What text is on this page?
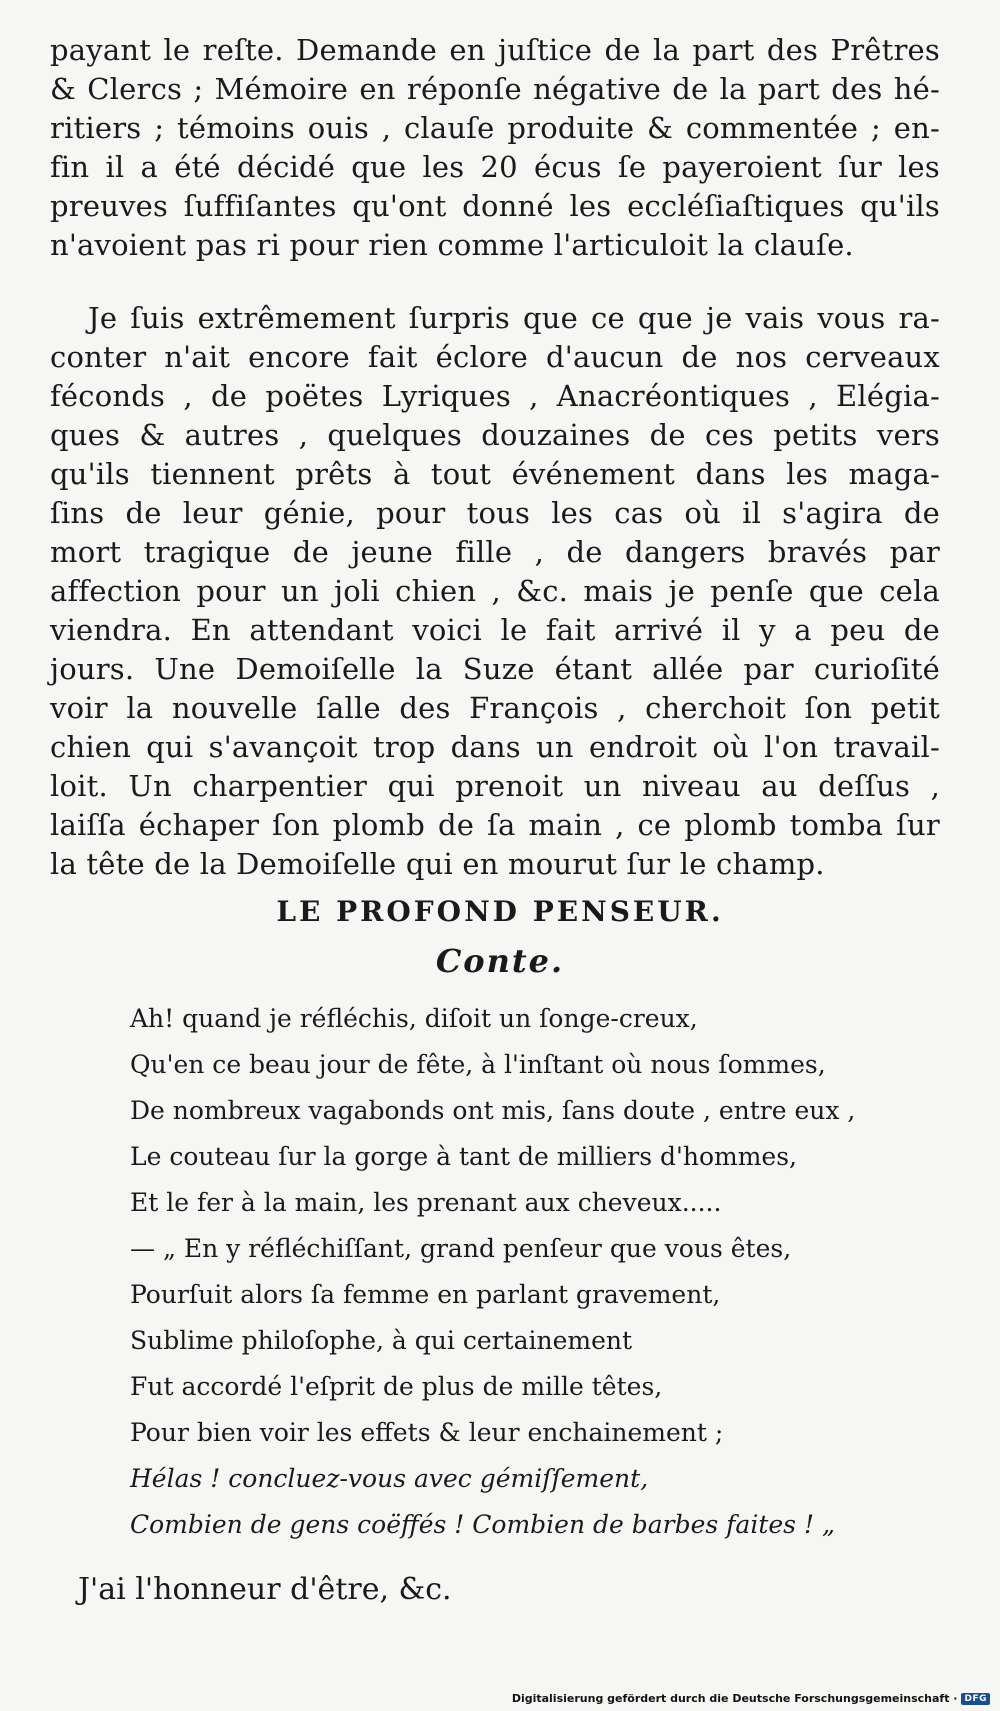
payant le reſte. Demande en juſtice de la part des Prêtres
& Clercs ; Mémoire en réponſe négative de la part des hé-
ritiers ; témoins ouis , clauſe produite & commentée ; en-
fin il a été décidé que les 20 écus ſe payeroient ſur les
preuves ſuffiſantes qu'ont donné les eccléſiaſtiques qu'ils
n'avoient pas ri pour rien comme l'articuloit la clauſe.
Je ſuis extrêmement ſurpris que ce que je vais vous ra-
conter n'ait encore fait éclore d'aucun de nos cerveaux
féconds , de poëtes Lyriques , Anacréontiques , Elégia-
ques & autres , quelques douzaines de ces petits vers
qu'ils tiennent prêts à tout événement dans les maga-
ſins de leur génie, pour tous les cas où il s'agira de
mort tragique de jeune fille , de dangers bravés par
affection pour un joli chien , &c. mais je penſe que cela
viendra. En attendant voici le fait arrivé il y a peu de
jours. Une Demoiſelle la Suze étant allée par curioſité
voir la nouvelle ſalle des François , cherchoit ſon petit
chien qui s'avançoit trop dans un endroit où l'on travail-
loit. Un charpentier qui prenoit un niveau au deſſus ,
laiſſa échaper ſon plomb de ſa main , ce plomb tomba ſur
la tête de la Demoiſelle qui en mourut ſur le champ.
LE PROFOND PENSEUR.
Conte.
Ah! quand je réfléchis, diſoit un ſonge-creux,
Qu'en ce beau jour de fête, à l'inſtant où nous ſommes,
De nombreux vagabonds ont mis, ſans doute , entre eux ,
Le couteau ſur la gorge à tant de milliers d'hommes,
Et le fer à la main, les prenant aux cheveux.....
— „ En y réfléchiſſant, grand penſeur que vous êtes,
Pourſuit alors ſa femme en parlant gravement,
Sublime philoſophe, à qui certainement
Fut accordé l'eſprit de plus de mille têtes,
Pour bien voir les effets & leur enchainement ;
Hélas ! concluez-vous avec gémiſſement,
Combien de gens coëffés ! Combien de barbes faites ! „
J'ai l'honneur d'être, &c.
Digitalisierung gefördert durch die Deutsche Forschungsgemeinschaft · DFG
